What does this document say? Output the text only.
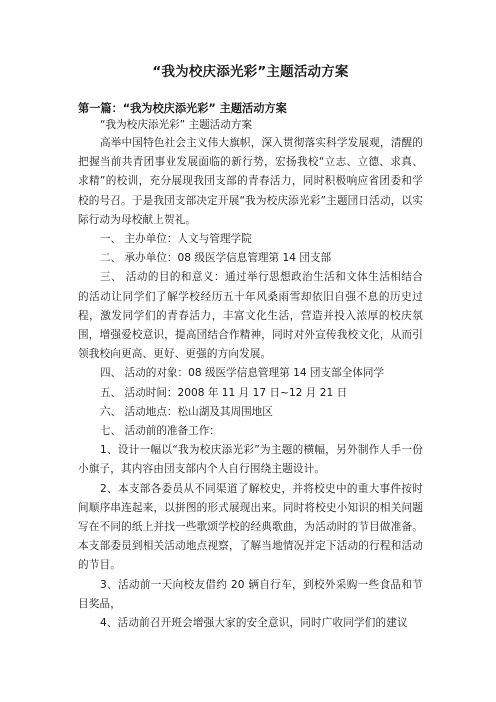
“我为校庆添光彩”主题活动方案
第一篇：“我为校庆添光彩” 主题活动方案
“我为校庆添光彩” 主题活动方案

高举中国特色社会主义伟大旗帜，深入贯彻落实科学发展观，清醒的把握当前共青团事业发展面临的新行势，宏扬我校“立志、立德、求真、求精”的校训，充分展现我団支部的青春活力，同时积极响应省团委和学校的号召。于是我団支部决定开展“我为校庆添光彩”主题団日活动，以实际行动为母校献上贺礼。

一、 主办单位：人文与管理学院
二、 承办单位：08 级医学信息管理第 14 団支部

三、 活动的目的和意义：通过举行思想政治生活和文体生活相结合的活动让同学们了解学校经历五十年风桑雨雪却依旧自强不息的历史过程，激发同学们的青春活力，丰富文化生活，营造并投入浓厚的校庆氛围，增强爱校意识，提高団结合作精神，同时对外宣传我校文化，从而引领我校向更高、更好、更强的方向发展。

四、 活动的对象：08 级医学信息管理第 14 団支部全体同学
五、 活动时间：2008 年 11 月 17 日~12 月 21 日
六、 活动地点：松山湖及其周围地区
七、 活动前的准备工作：

1、设计一幅以“我为校庆添光彩”为主题的横幅，另外制作人手一份小旗子，其内容由団支部内个人自行围绕主题设计。

2、本支部各委员从不同渠道了解校史，并将校史中的重大事件按时间顺序串连起来，以拼图的形式展现出来。同时将校史小知识的相关问题写在不同的纸上并找一些歌颂学校的经典歌曲，为活动时的节目做准备。本支部委员到相关活动地点视察，了解当地情况并定下活动的行程和活动的节目。

3、活动前一天向校友借约 20 辆自行车，到校外采购一些食品和节目奖品，

4、活动前召开班会增强大家的安全意识，同时广收同学们的建议
